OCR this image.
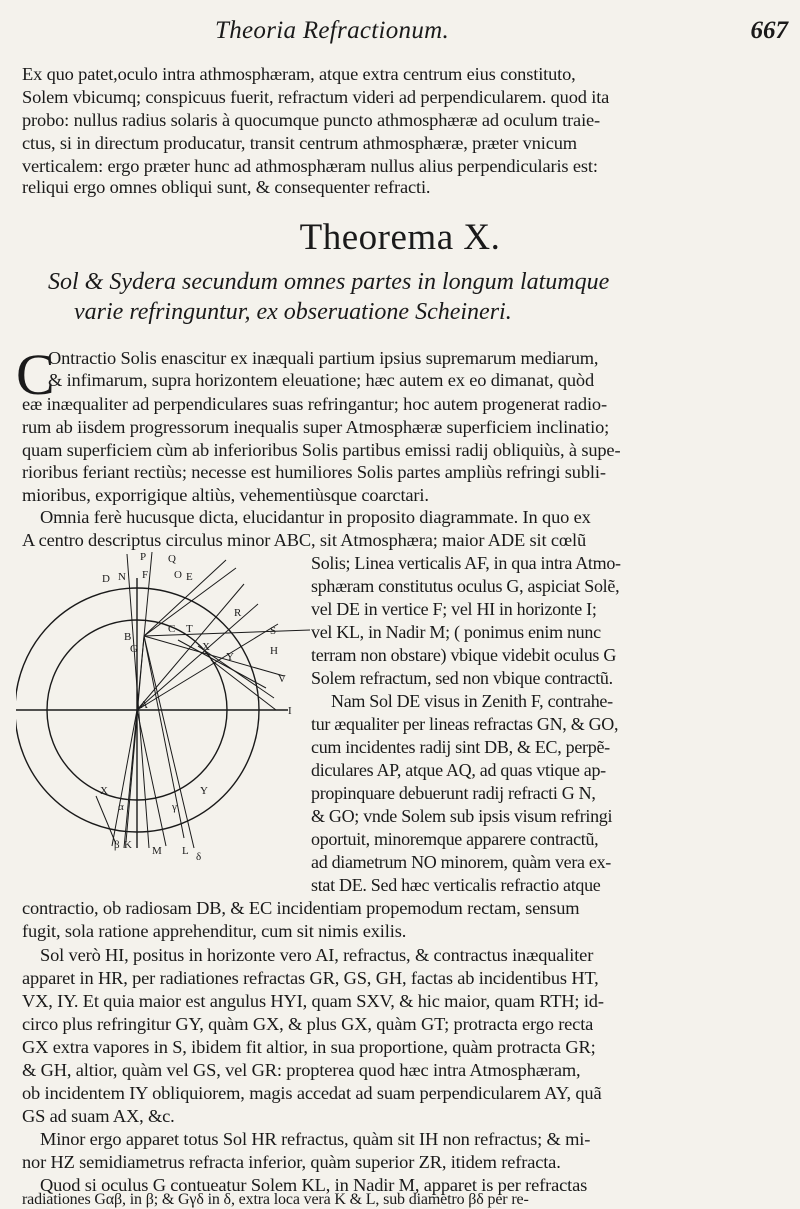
Theoria Refractionum.	667
Ex quo patet,oculo intra athmosphæram, atque extra centrum eius constituto,
Solem vbicumq; conspicuus fuerit, refractum videri ad perpendicularem. quod ita
probo: nullus radius solaris à quocumque puncto athmosphæræ ad oculum traie-
ctus, si in directum producatur, transit centrum athmosphæræ, præter vnicum
verticalem: ergo præter hunc ad athmosphæram nullus alius perpendicularis est:
reliqui ergo omnes obliqui sunt, & consequenter refracti.
Theorema X.
Sol & Sydera secundum omnes partes in longum latumque
varie refringuntur, ex obseruatione Scheineri.
C
Ontractio Solis enascitur ex inæquali partium ipsius supremarum mediarum,
& infimarum, supra horizontem eleuatione; hæc autem ex eo dimanat, quòd
eæ inæqualiter ad perpendiculares suas refringantur; hoc autem progenerat radio-
rum ab iisdem progressorum inequalis super Atmosphæræ superficiem inclinatio;
quam superficiem cùm ab inferioribus Solis partibus emissi radij obliquiùs, à supe-
rioribus feriant rectiùs; necesse est humiliores Solis partes ampliùs refringi subli-
mioribus, exporrigique altiùs, vehementiùsque coarctari.
Omnia ferè hucusque dicta, elucidantur in proposito diagrammate. In quo ex
A centro descriptus circulus minor ABC, sit Atmosphæra; maior ADE sit cœlũ
Solis; Linea verticalis AF, in qua intra Atmo-
sphæram constitutus oculus G, aspiciat Solẽ,
vel DE in vertice F; vel HI in horizonte I;
vel KL, in Nadir M; ( ponimus enim nunc
terram non obstare) vbique videbit oculus G
Solem refractum, sed non vbique contractũ.
Nam Sol DE visus in Zenith F, contrahe-
tur æqualiter per lineas refractas GN, & GO,
cum incidentes radij sint DB, & EC, perpẽ-
diculares AP, atque AQ, ad quas vtique ap-
propinquare debuerunt radij refracti G N,
& GO; vnde Solem sub ipsis visum refringi
oportuit, minoremque apparere contractũ,
ad diametrum NO minorem, quàm vera ex-
stat DE. Sed hæc verticalis refractio atque
contractio, ob radiosam DB, & EC incidentiam propemodum rectam, sensum
fugit, sola ratione apprehenditur, cum sit nimis exilis.
Sol verò HI, positus in horizonte vero AI, refractus, & contractus inæqualiter
apparet in HR, per radiationes refractas GR, GS, GH, factas ab incidentibus HT,
VX, IY. Et quia maior est angulus HYI, quam SXV, & hic maior, quam RTH; id-
circo plus refringitur GY, quàm GX, & plus GX, quàm GT; protracta ergo recta
GX extra vapores in S, ibidem fit altior, in sua proportione, quàm protracta GR;
& GH, altior, quàm vel GS, vel GR: propterea quod hæc intra Atmosphæram,
ob incidentem IY obliquiorem, magis accedat ad suam perpendicularem AY, quã
GS ad suam AX, &c.
Minor ergo apparet totus Sol HR refractus, quàm sit IH non refractus; & mi-
nor HZ semidiametrus refracta inferior, quàm superior ZR, itidem refracta.
Quod si oculus G contueatur Solem KL, in Nadir M, apparet is per refractas
radiationes Gαβ, in β; & Gγδ in δ, extra loca vera K & L, sub diametro βδ per re-
P Q
D N F O E
B
C
G
T
R
S
H
X
Y
V
I
A
β K M L δ
X	Y
α	γ
